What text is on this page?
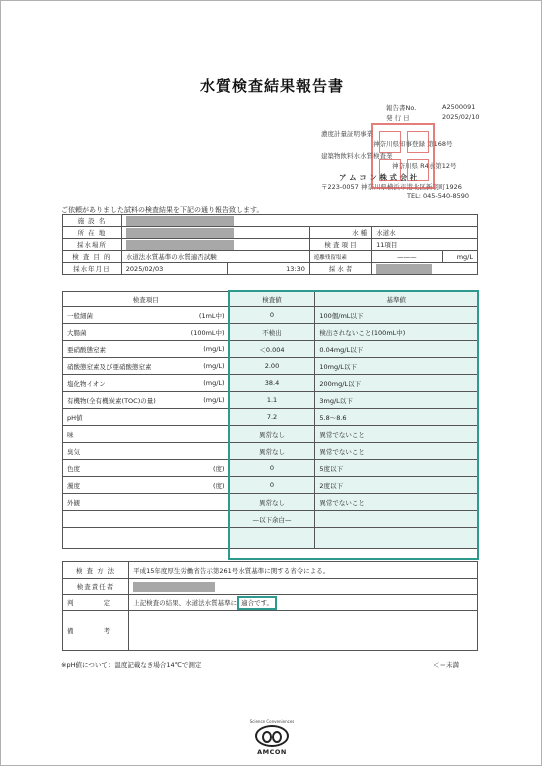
水質検査結果報告書
報告書No.	A2500091
発 行 日	2025/02/10
濃度計量証明事業
神奈川県知事登録 第168号
建築物飲料水水質検査業
神奈川県 R4水第12号
ア ム コ ン 株 式 会 社
〒223-0057 神奈川県横浜市港北区新羽町1926
TEL: 045-540-8590
ご依頼がありました試料の検査結果を下記の通り報告致します。
施 設 名					
所 在 地			水 種	水道水	
採水場所			検 査 項 目	11項目	
検 査 目 的	水道法水質基準の水質適否試験		遊離残留塩素	———	mg/L
採水年月日	2025/02/03	13:30	採 水 者		
検査項目	検査値	基準値

一般細菌 (1mL中)	0	100個/mL以下

大腸菌 (100mL中)	不検出	検出されないこと(100mL中)

亜硝酸態窒素 (mg/L)	＜0.004	0.04mg/L以下

硝酸態窒素及び亜硝酸態窒素 (mg/L)	2.00	10mg/L以下

塩化物イオン (mg/L)	38.4	200mg/L以下

有機物(全有機炭素(TOC)の量) (mg/L)	1.1	3mg/L以下

pH値	7.2	5.8～8.6

味	異常なし	異常でないこと

臭気	異常なし	異常でないこと

色度 (度)	0	5度以下

濁度 (度)	0	2度以下

外観	異常なし	異常でないこと

	—以下余白—	

検 査 方 法	平成15年度厚生労働省告示第261号水質基準に関する省令による。
検査責任者	
判 定	上記検査の結果、水道法水質基準に 適合です。
備 考	
※pH値について：温度記載なき場合14℃で測定	＜＝未満
Science Conveniences
AMCON
